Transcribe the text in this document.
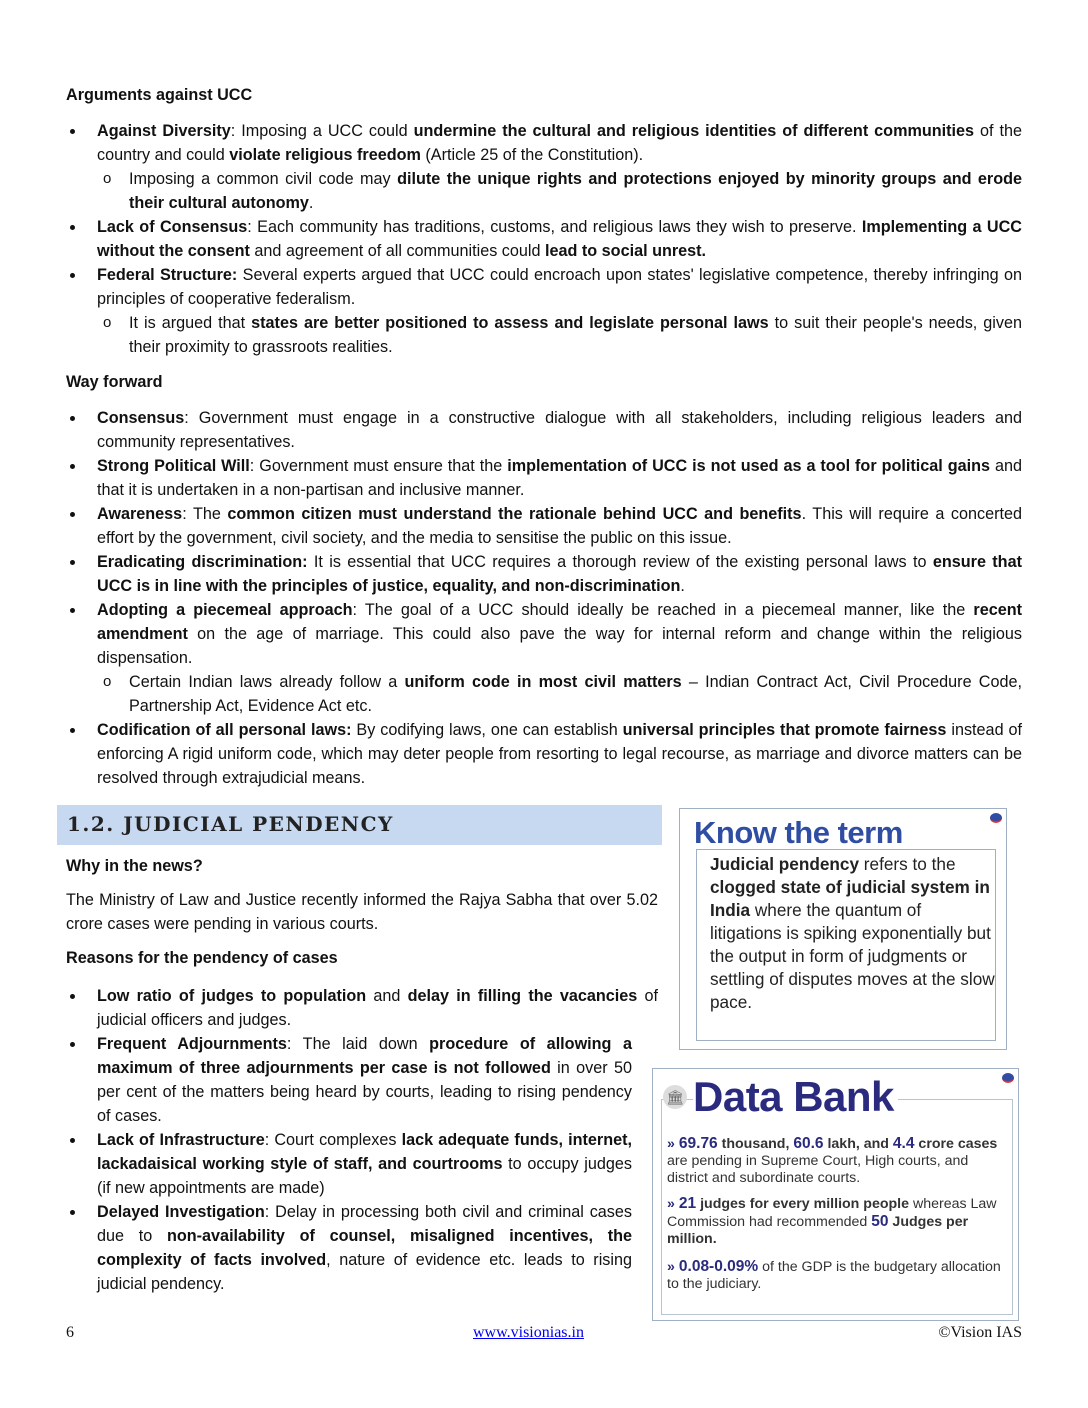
Arguments against UCC
Against Diversity: Imposing a UCC could undermine the cultural and religious identities of different communities of the country and could violate religious freedom (Article 25 of the Constitution).
o Imposing a common civil code may dilute the unique rights and protections enjoyed by minority groups and erode their cultural autonomy.
Lack of Consensus: Each community has traditions, customs, and religious laws they wish to preserve. Implementing a UCC without the consent and agreement of all communities could lead to social unrest.
Federal Structure: Several experts argued that UCC could encroach upon states' legislative competence, thereby infringing on principles of cooperative federalism.
o It is argued that states are better positioned to assess and legislate personal laws to suit their people's needs, given their proximity to grassroots realities.
Way forward
Consensus: Government must engage in a constructive dialogue with all stakeholders, including religious leaders and community representatives.
Strong Political Will: Government must ensure that the implementation of UCC is not used as a tool for political gains and that it is undertaken in a non-partisan and inclusive manner.
Awareness: The common citizen must understand the rationale behind UCC and benefits. This will require a concerted effort by the government, civil society, and the media to sensitise the public on this issue.
Eradicating discrimination: It is essential that UCC requires a thorough review of the existing personal laws to ensure that UCC is in line with the principles of justice, equality, and non-discrimination.
Adopting a piecemeal approach: The goal of a UCC should ideally be reached in a piecemeal manner, like the recent amendment on the age of marriage. This could also pave the way for internal reform and change within the religious dispensation.
o Certain Indian laws already follow a uniform code in most civil matters – Indian Contract Act, Civil Procedure Code, Partnership Act, Evidence Act etc.
Codification of all personal laws: By codifying laws, one can establish universal principles that promote fairness instead of enforcing A rigid uniform code, which may deter people from resorting to legal recourse, as marriage and divorce matters can be resolved through extrajudicial means.
1.2. JUDICIAL PENDENCY
Why in the news?
The Ministry of Law and Justice recently informed the Rajya Sabha that over 5.02 crore cases were pending in various courts.
Reasons for the pendency of cases
Low ratio of judges to population and delay in filling the vacancies of judicial officers and judges.
Frequent Adjournments: The laid down procedure of allowing a maximum of three adjournments per case is not followed in over 50 per cent of the matters being heard by courts, leading to rising pendency of cases.
Lack of Infrastructure: Court complexes lack adequate funds, internet, lackadaisical working style of staff, and courtrooms to occupy judges (if new appointments are made)
Delayed Investigation: Delay in processing both civil and criminal cases due to non-availability of counsel, misaligned incentives, the complexity of facts involved, nature of evidence etc. leads to rising judicial pendency.
Know the term
Judicial pendency refers to the clogged state of judicial system in India where the quantum of litigations is spiking exponentially but the output in form of judgments or settling of disputes moves at the slow pace.
🏛 Data Bank
» 69.76 thousand, 60.6 lakh, and 4.4 crore cases are pending in Supreme Court, High courts, and district and subordinate courts.
» 21 judges for every million people whereas Law Commission had recommended 50 Judges per million.
» 0.08-0.09% of the GDP is the budgetary allocation to the judiciary.
6	www.visionias.in	©Vision IAS
